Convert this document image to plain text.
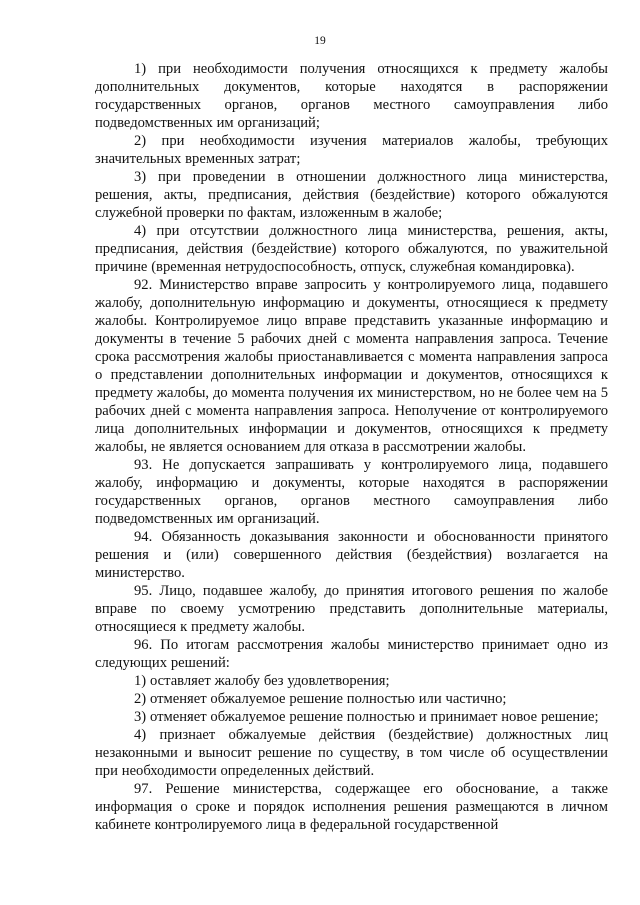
19

1) при необходимости получения относящихся к предмету жалобы дополнительных документов, которые находятся в распоряжении государственных органов, органов местного самоуправления либо подведомственных им организаций;

2) при необходимости изучения материалов жалобы, требующих значительных временных затрат;

3) при проведении в отношении должностного лица министерства, решения, акты, предписания, действия (бездействие) которого обжалуются служебной проверки по фактам, изложенным в жалобе;

4) при отсутствии должностного лица министерства, решения, акты, предписания, действия (бездействие) которого обжалуются, по уважительной причине (временная нетрудоспособность, отпуск, служебная командировка).

92. Министерство вправе запросить у контролируемого лица, подавшего жалобу, дополнительную информацию и документы, относящиеся к предмету жалобы. Контролируемое лицо вправе представить указанные информацию и документы в течение 5 рабочих дней с момента направления запроса. Течение срока рассмотрения жалобы приостанавливается с момента направления запроса о представлении дополнительных информации и документов, относящихся к предмету жалобы, до момента получения их министерством, но не более чем на 5 рабочих дней с момента направления запроса. Неполучение от контролируемого лица дополнительных информации и документов, относящихся к предмету жалобы, не является основанием для отказа в рассмотрении жалобы.

93. Не допускается запрашивать у контролируемого лица, подавшего жалобу, информацию и документы, которые находятся в распоряжении государственных органов, органов местного самоуправления либо подведомственных им организаций.

94. Обязанность доказывания законности и обоснованности принятого решения и (или) совершенного действия (бездействия) возлагается на министерство.

95. Лицо, подавшее жалобу, до принятия итогового решения по жалобе вправе по своему усмотрению представить дополнительные материалы, относящиеся к предмету жалобы.

96. По итогам рассмотрения жалобы министерство принимает одно из следующих решений:

1) оставляет жалобу без удовлетворения;

2) отменяет обжалуемое решение полностью или частично;

3) отменяет обжалуемое решение полностью и принимает новое решение;

4) признает обжалуемые действия (бездействие) должностных лиц незаконными и выносит решение по существу, в том числе об осуществлении при необходимости определенных действий.

97. Решение министерства, содержащее его обоснование, а также информация о сроке и порядок исполнения решения размещаются в личном кабинете контролируемого лица в федеральной государственной
